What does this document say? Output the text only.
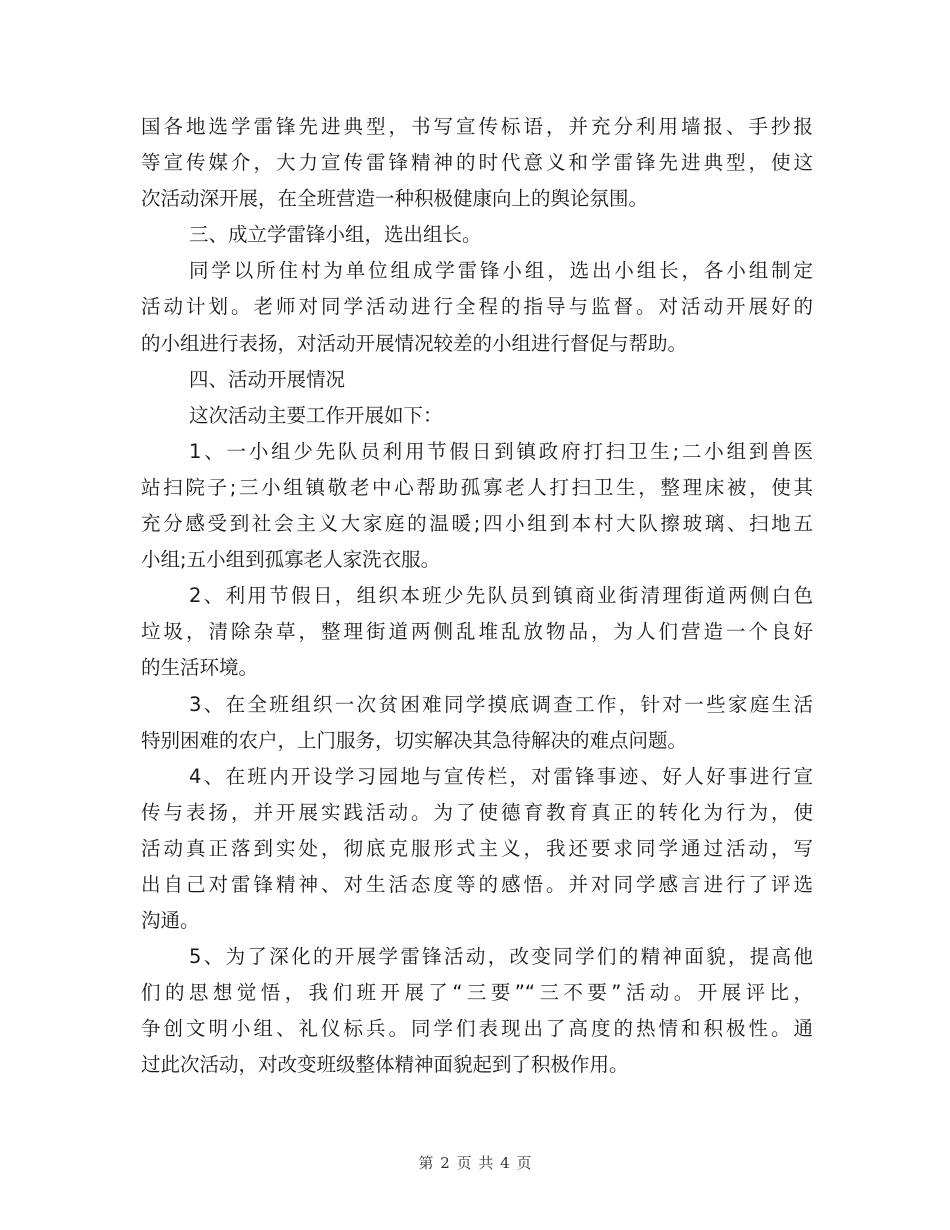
国各地选学雷锋先进典型，书写宣传标语，并充分利用墙报、手抄报
等宣传媒介，大力宣传雷锋精神的时代意义和学雷锋先进典型，使这
次活动深开展，在全班营造一种积极健康向上的舆论氛围。
三、成立学雷锋小组，选出组长。
同学以所住村为单位组成学雷锋小组，选出小组长，各小组制定
活动计划。老师对同学活动进行全程的指导与监督。对活动开展好的
的小组进行表扬，对活动开展情况较差的小组进行督促与帮助。
四、活动开展情况
这次活动主要工作开展如下：
1、一小组少先队员利用节假日到镇政府打扫卫生;二小组到兽医
站扫院子;三小组镇敬老中心帮助孤寡老人打扫卫生，整理床被，使其
充分感受到社会主义大家庭的温暖;四小组到本村大队擦玻璃、扫地五
小组;五小组到孤寡老人家洗衣服。
2、利用节假日，组织本班少先队员到镇商业街清理街道两侧白色
垃圾，清除杂草，整理街道两侧乱堆乱放物品，为人们营造一个良好
的生活环境。
3、在全班组织一次贫困难同学摸底调查工作，针对一些家庭生活
特别困难的农户，上门服务，切实解决其急待解决的难点问题。
4、在班内开设学习园地与宣传栏，对雷锋事迹、好人好事进行宣
传与表扬，并开展实践活动。为了使德育教育真正的转化为行为，使
活动真正落到实处，彻底克服形式主义，我还要求同学通过活动，写
出自己对雷锋精神、对生活态度等的感悟。并对同学感言进行了评选
沟通。
5、为了深化的开展学雷锋活动，改变同学们的精神面貌，提高他
们的思想觉悟，我们班开展了“三要”“三不要”活动。开展评比，
争创文明小组、礼仪标兵。同学们表现出了高度的热情和积极性。通
过此次活动，对改变班级整体精神面貌起到了积极作用。
第 2 页 共 4 页
